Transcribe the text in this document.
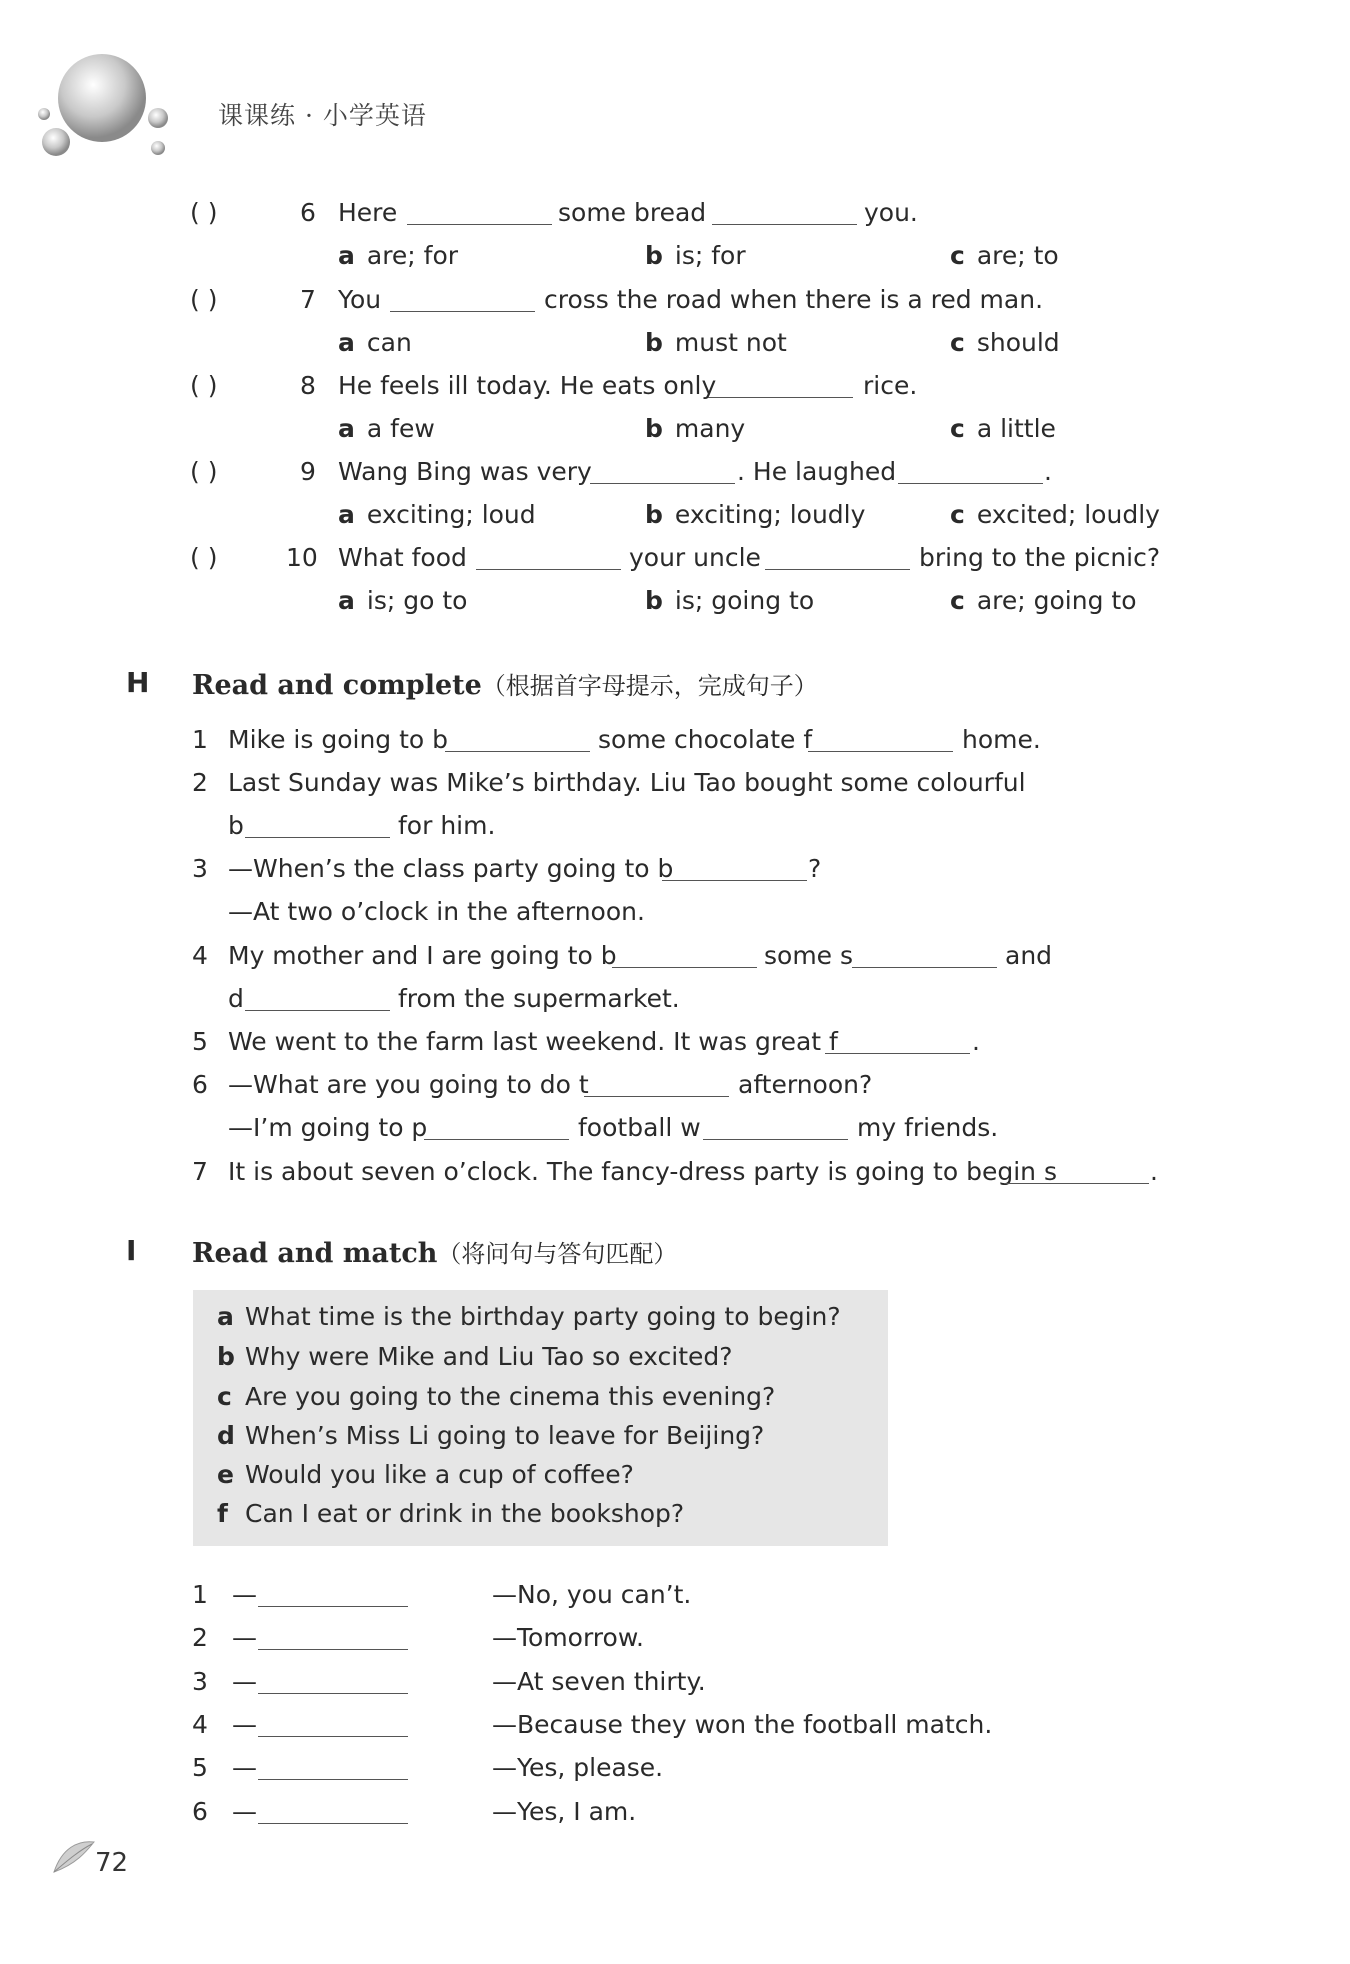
课课练 · 小学英语
( )	6 Here	some bread	you.
a are; for	b is; for	c are; to
( )	7 You	cross the road when there is a red man.
a can	b must not	c should
( )	8 He feels ill today. He eats only	rice.
a a few	b many	c a little
( )	9 Wang Bing was very	. He laughed	.
a exciting; loud	b exciting; loudly	c excited; loudly
( )	10 What food	your uncle	bring to the picnic?
a is; go to	b is; going to	c are; going to
H Read and complete（根据首字母提示，完成句子）
1 Mike is going to b	some chocolate f	home.
2 Last Sunday was Mike’s birthday. Liu Tao bought some colourful
b	for him.
3 —When’s the class party going to b	?
—At two o’clock in the afternoon.
4 My mother and I are going to b	some s	and
d	from the supermarket.
5 We went to the farm last weekend. It was great f	.
6 —What are you going to do t	afternoon?
—I’m going to p	football w	my friends.
7 It is about seven o’clock. The fancy-dress party is going to begin s	.
I Read and match（将问句与答句匹配）
a What time is the birthday party going to begin?
b Why were Mike and Liu Tao so excited?
c Are you going to the cinema this evening?
d When’s Miss Li going to leave for Beijing?
e Would you like a cup of coffee?
f Can I eat or drink in the bookshop?
1 —	—No, you can’t.
2 —	—Tomorrow.
3 —	—At seven thirty.
4 —	—Because they won the football match.
5 —	—Yes, please.
6 —	—Yes, I am.
72
